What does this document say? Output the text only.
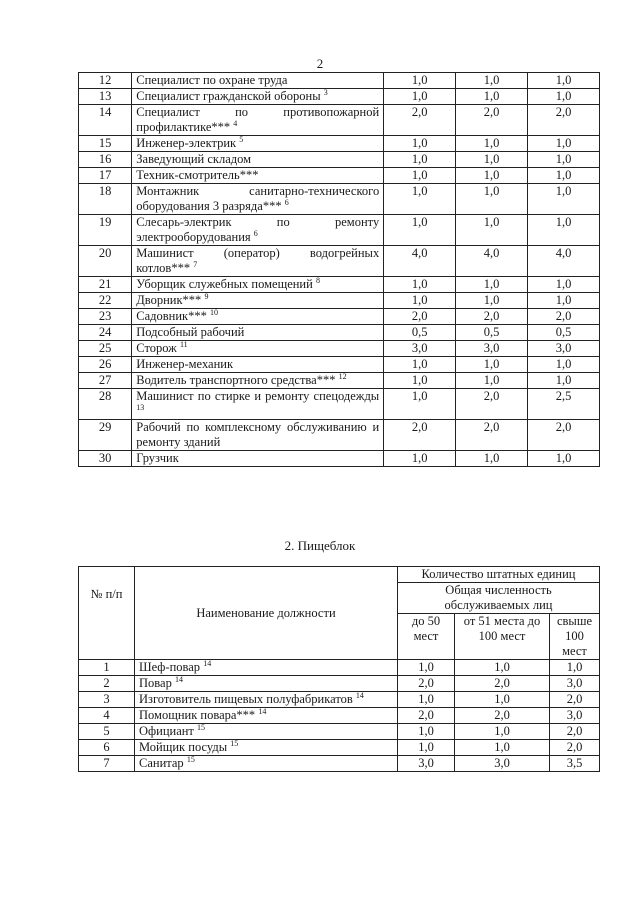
2
12	Специалист по охране труда	1,0	1,0	1,0
13	Специалист гражданской обороны $^3$	1,0	1,0	1,0
14	Специалист по противопожарной профилактике*** $^4$	2,0	2,0	2,0
15	Инженер-электрик $^5$	1,0	1,0	1,0
16	Заведующий складом	1,0	1,0	1,0
17	Техник-смотритель***	1,0	1,0	1,0
18	Монтажник санитарно-технического оборудования 3 разряда*** $^6$	1,0	1,0	1,0
19	Слесарь-электрик по ремонту электрооборудования $^6$	1,0	1,0	1,0
20	Машинист (оператор) водогрейных котлов*** $^7$	4,0	4,0	4,0
21	Уборщик служебных помещений $^8$	1,0	1,0	1,0
22	Дворник*** $^9$	1,0	1,0	1,0
23	Садовник*** $^{10}$	2,0	2,0	2,0
24	Подсобный рабочий	0,5	0,5	0,5
25	Сторож $^{11}$	3,0	3,0	3,0
26	Инженер-механик	1,0	1,0	1,0
27	Водитель транспортного средства*** $^{12}$	1,0	1,0	1,0
28	Машинист по стирке и ремонту спецодежды $^{13}$	1,0	2,0	2,5
29	Рабочий по комплексному обслуживанию и ремонту зданий	2,0	2,0	2,0
30	Грузчик	1,0	1,0	1,0
2. Пищеблок
№ п/п	Наименование должности	Количество штатных единиц		
		Общая численность обслуживаемых лиц		
		до 50 мест	от 51 места до 100 мест	свыше 100 мест
1	Шеф-повар $^{14}$	1,0	1,0	1,0
2	Повар $^{14}$	2,0	2,0	3,0
3	Изготовитель пищевых полуфабрикатов $^{14}$	1,0	1,0	2,0
4	Помощник повара*** $^{14}$	2,0	2,0	3,0
5	Официант $^{15}$	1,0	1,0	2,0
6	Мойщик посуды $^{15}$	1,0	1,0	2,0
7	Санитар $^{15}$	3,0	3,0	3,5
